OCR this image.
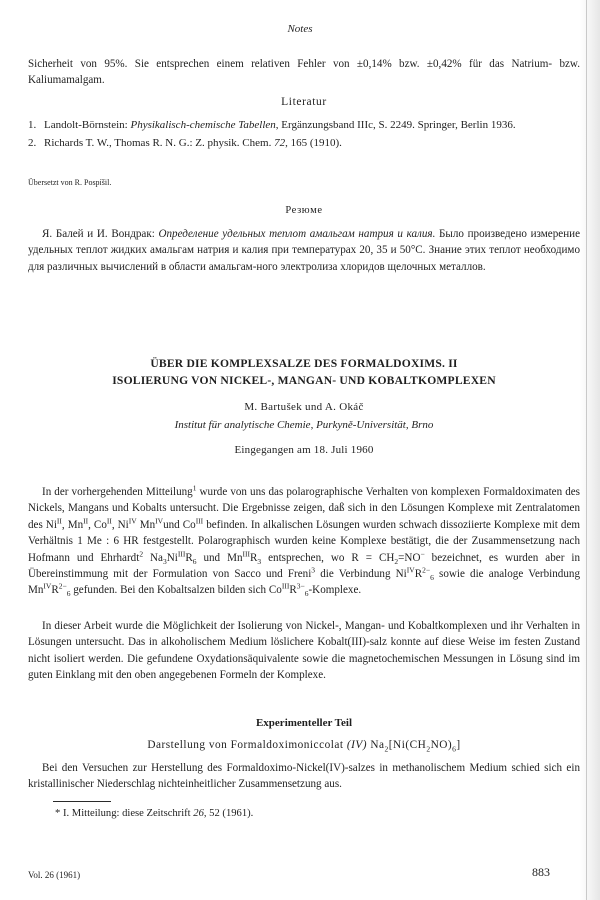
Notes

Sicherheit von 95%. Sie entsprechen einem relativen Fehler von ±0,14% bzw. ±0,42% für das Natrium- bzw. Kaliumamalgam.

Literatur

1. Landolt-Börnstein: Physikalisch-chemische Tabellen, Ergänzungsband IIIc, S. 2249. Springer, Berlin 1936.
2. Richards T. W., Thomas R. N. G.: Z. physik. Chem. 72, 165 (1910).

Übersetzt von R. Pospíšil.

Резюме

Я. Балей и И. Вондрак: Определение удельных теплот амальгам натрия и калия. Было произведено измерение удельных теплот жидких амальгам натрия и калия при температурах 20, 35 и 50°С. Знание этих теплот необходимо для различных вычислений в области амальгам-ного электролиза хлоридов щелочных металлов.

ÜBER DIE KOMPLEXSALZE DES FORMALDOXIMS. II

ISOLIERUNG VON NICKEL-, MANGAN- UND KOBALTKOMPLEXEN

M. Bartušek und A. Okáč

Institut für analytische Chemie, Purkyně-Universität, Brno

Eingegangen am 18. Juli 1960

In der vorhergehenden Mitteilung$^1$ wurde von uns das polarographische Verhalten von komplexen Formaldoximaten des Nickels, Mangans und Kobalts untersucht. Die Ergebnisse zeigen, daß sich in den Lösungen Komplexe mit Zentralatomen des $Ni^{II}$, $Mn^{II}$, $Co^{II}$, $Ni^{IV}$ $Mn^{IV}und$ $Co^{III}$ befinden. In alkalischen Lösungen wurden schwach dissoziierte Komplexe mit dem Verhältnis 1 Me : 6 HR festgestellt. Polarographisch wurden keine Komplexe bestätigt, die der Zusammensetzung nach Hofmann und Ehrhardt$^2$ $Na_3Ni^{III}R_6$ und $Mn^{III}R_3$ entsprechen, wo $R = CH_2=NO^-$ bezeichnet, es wurden aber in Übereinstimmung mit der Formulation von Sacco und Freni$^3$ die Verbindung $Ni^{IV}R^{2-}_6$ sowie die analoge Verbindung $Mn^{IV}R^{2-}_6$ gefunden. Bei den Kobaltsalzen bilden sich $Co^{III}R^{3-}_6$-Komplexe.

In dieser Arbeit wurde die Möglichkeit der Isolierung von Nickel-, Mangan- und Kobaltkomplexen und ihr Verhalten in Lösungen untersucht. Das in alkoholischem Medium löslichere Kobalt(III)-salz konnte auf diese Weise im festen Zustand nicht isoliert werden. Die gefundene Oxydationsäquivalente sowie die magnetochemischen Messungen in Lösung sind im guten Einklang mit den oben angegebenen Formeln der Komplexe.

Experimenteller Teil

Darstellung von Formaldoximoniccolat (IV) $Na_2[Ni(CH_2NO)_6]$

Bei den Versuchen zur Herstellung des Formaldoximo-Nickel(IV)-salzes in methanolischem Medium schied sich ein kristallinischer Niederschlag nichteinheitlicher Zusammensetzung aus.

* I. Mitteilung: diese Zeitschrift 26, 52 (1961).

Vol. 26 (1961)	883
